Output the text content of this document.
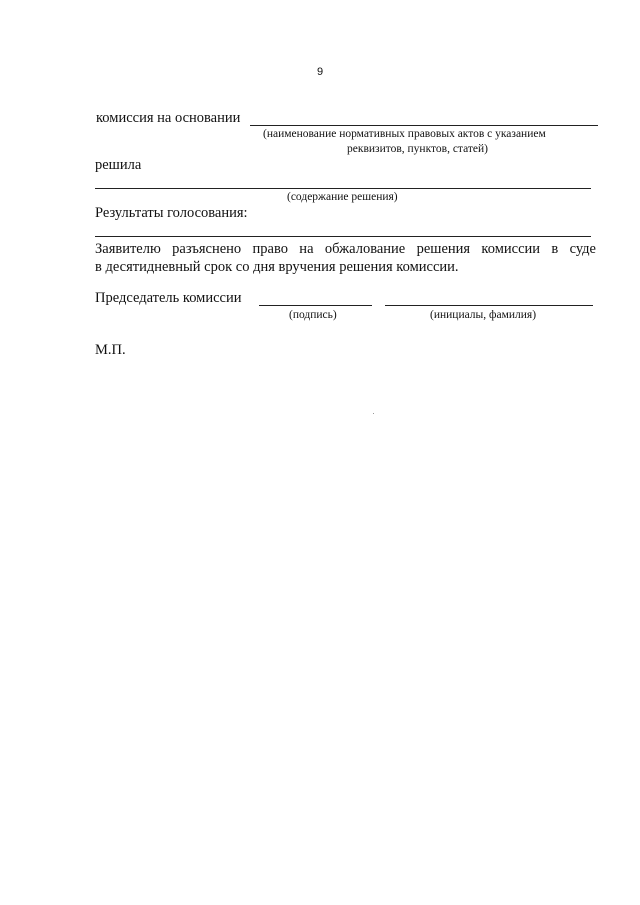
9
комиссия на основании
(наименование нормативных правовых актов с указанием
реквизитов, пунктов, статей)
решила
(содержание решения)
Результаты голосования:
Заявителю разъяснено право на обжалование решения комиссии в суде
в десятидневный срок со дня вручения решения комиссии.
Председатель комиссии
(подпись)	(инициалы, фамилия)
М.П.
